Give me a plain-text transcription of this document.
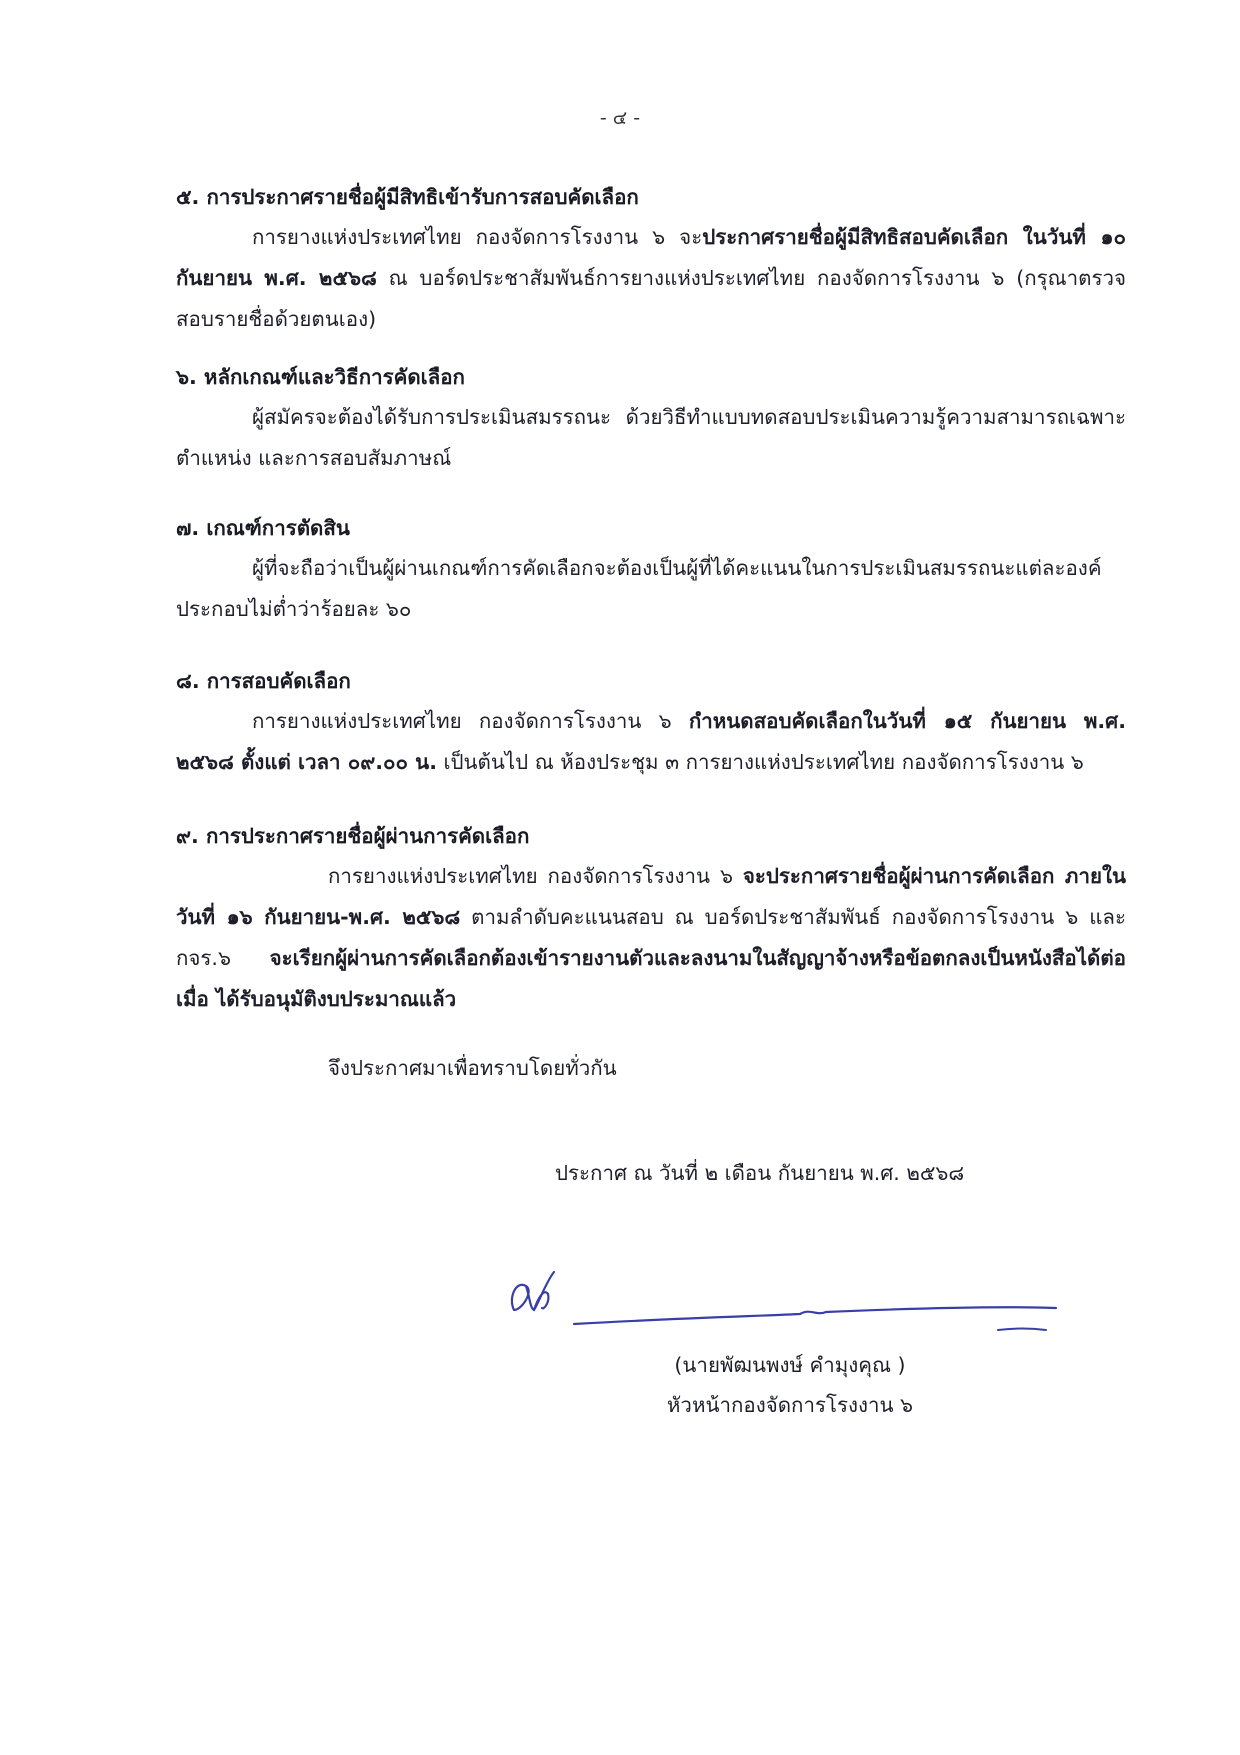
- ๔ -

๕. การประกาศรายชื่อผู้มีสิทธิเข้ารับการสอบคัดเลือก

การยางแห่งประเทศไทย กองจัดการโรงงาน ๖ จะประกาศรายชื่อผู้มีสิทธิสอบคัดเลือก ในวันที่ ๑๐ กันยายน พ.ศ. ๒๕๖๘ ณ บอร์ดประชาสัมพันธ์การยางแห่งประเทศไทย กองจัดการโรงงาน ๖ (กรุณาตรวจสอบรายชื่อด้วยตนเอง)

๖. หลักเกณฑ์และวิธีการคัดเลือก

ผู้สมัครจะต้องได้รับการประเมินสมรรถนะ ด้วยวิธีทำแบบทดสอบประเมินความรู้ความสามารถเฉพาะตำแหน่ง และการสอบสัมภาษณ์

๗. เกณฑ์การตัดสิน

ผู้ที่จะถือว่าเป็นผู้ผ่านเกณฑ์การคัดเลือกจะต้องเป็นผู้ที่ได้คะแนนในการประเมินสมรรถนะแต่ละองค์ประกอบไม่ต่ำว่าร้อยละ ๖๐

๘. การสอบคัดเลือก

การยางแห่งประเทศไทย กองจัดการโรงงาน ๖ กำหนดสอบคัดเลือกในวันที่ ๑๕ กันยายน พ.ศ. ๒๕๖๘ ตั้งแต่ เวลา ๐๙.๐๐ น. เป็นต้นไป ณ ห้องประชุม ๓ การยางแห่งประเทศไทย กองจัดการโรงงาน ๖

๙. การประกาศรายชื่อผู้ผ่านการคัดเลือก

การยางแห่งประเทศไทย กองจัดการโรงงาน ๖ จะประกาศรายชื่อผู้ผ่านการคัดเลือก ภายในวันที่ ๑๖ กันยายน-พ.ศ. ๒๕๖๘ ตามลำดับคะแนนสอบ ณ บอร์ดประชาสัมพันธ์ กองจัดการโรงงาน ๖ และ กจร.๖ จะเรียกผู้ผ่านการคัดเลือกต้องเข้ารายงานตัวและลงนามในสัญญาจ้างหรือข้อตกลงเป็นหนังสือได้ต่อเมื่อ ได้รับอนุมัติงบประมาณแล้ว

จึงประกาศมาเพื่อทราบโดยทั่วกัน
ประกาศ ณ วันที่ ๒ เดือน กันยายน พ.ศ. ๒๕๖๘
(นายพัฒนพงษ์ คำมุงคุณ )
หัวหน้ากองจัดการโรงงาน ๖
